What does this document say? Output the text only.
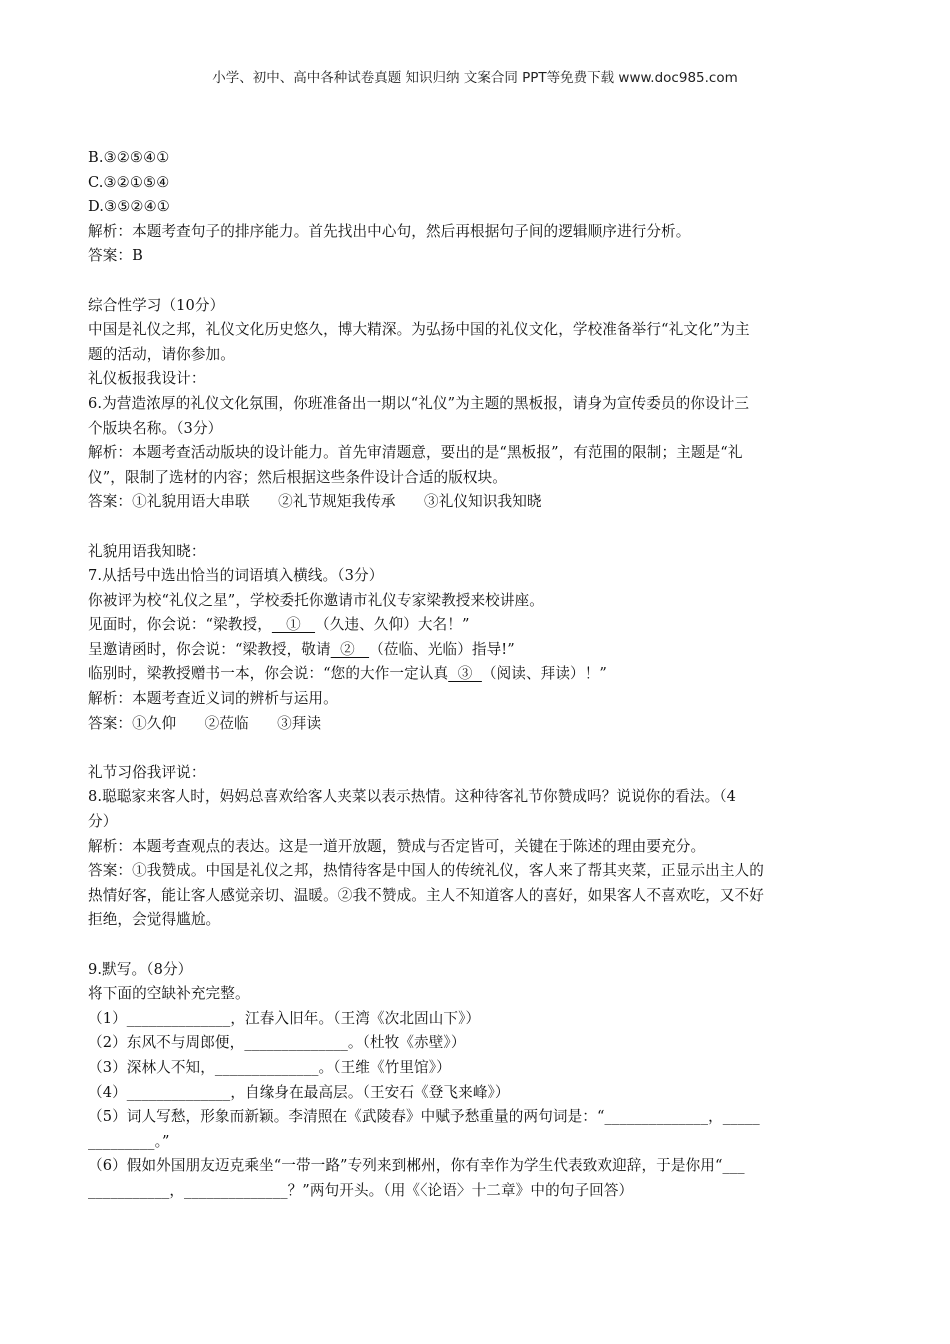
小学、初中、高中各种试卷真题 知识归纳 文案合同 PPT等免费下载 www.doc985.com
B.③②⑤④①
C.③②①⑤④
D.③⑤②④①
解析：本题考查句子的排序能力。首先找出中心句，然后再根据句子间的逻辑顺序进行分析。
答案：B
综合性学习（10分）
中国是礼仪之邦，礼仪文化历史悠久，博大精深。为弘扬中国的礼仪文化，学校准备举行“礼文化”为主
题的活动，请你参加。
礼仪板报我设计：
6.为营造浓厚的礼仪文化氛围，你班准备出一期以“礼仪”为主题的黑板报，请身为宣传委员的你设计三
个版块名称。（3分）
解析：本题考查活动版块的设计能力。首先审清题意，要出的是“黑板报”，有范围的限制；主题是“礼
仪”，限制了选材的内容；然后根据这些条件设计合适的版权块。
答案：①礼貌用语大串联      ②礼节规矩我传承      ③礼仪知识我知晓
礼貌用语我知晓：
7.从括号中选出恰当的词语填入横线。（3分）
你被评为校“礼仪之星”，学校委托你邀请市礼仪专家梁教授来校讲座。
见面时，你会说：“梁教授，   ①   （久违、久仰）大名！”
呈邀请函时，你会说：“梁教授，敬请  ②   （莅临、光临）指导!”
临别时，梁教授赠书一本，你会说：“您的大作一定认真  ③  （阅读、拜读）！”
解析：本题考查近义词的辨析与运用。
答案：①久仰      ②莅临      ③拜读
礼节习俗我评说：
8.聪聪家来客人时，妈妈总喜欢给客人夹菜以表示热情。这种待客礼节你赞成吗？说说你的看法。（4
分）
解析：本题考查观点的表达。这是一道开放题，赞成与否定皆可，关键在于陈述的理由要充分。
答案：①我赞成。中国是礼仪之邦，热情待客是中国人的传统礼仪，客人来了帮其夹菜，正显示出主人的
热情好客，能让客人感觉亲切、温暖。②我不赞成。主人不知道客人的喜好，如果客人不喜欢吃，又不好
拒绝，会觉得尴尬。
9.默写。（8分）
将下面的空缺补充完整。
（1）______________，江春入旧年。（王湾《次北固山下》）
（2）东风不与周郎便，______________。（杜牧《赤壁》）
（3）深林人不知，______________。（王维《竹里馆》）
（4）______________，自缘身在最高层。（王安石《登飞来峰》）
（5）词人写愁，形象而新颖。李清照在《武陵春》中赋予愁重量的两句词是：“______________，_____
_________。”
（6）假如外国朋友迈克乘坐“一带一路”专列来到郴州，你有幸作为学生代表致欢迎辞，于是你用“___
___________，______________？”两句开头。（用《〈论语〉十二章》中的句子回答）
